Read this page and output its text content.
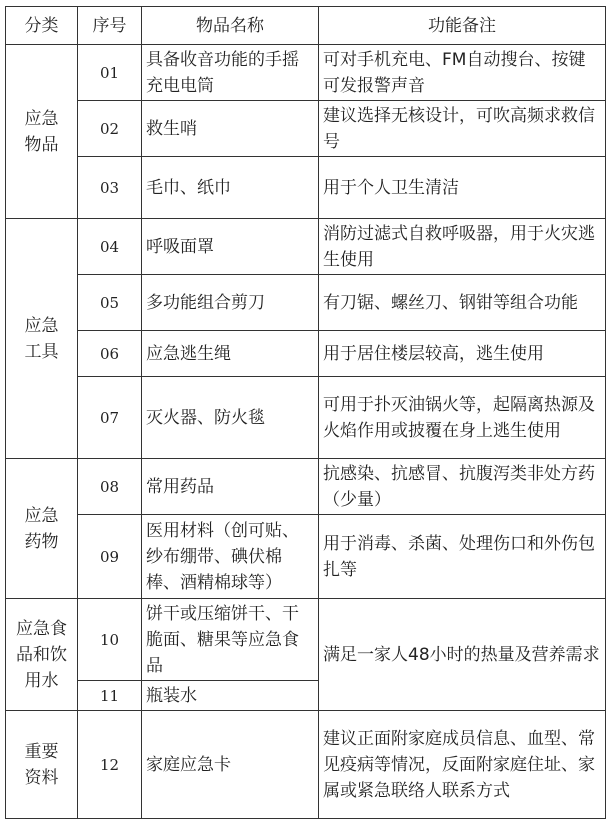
分类	序号	物品名称	功能备注
应急物品	01	具备收音功能的手摇充电电筒	可对手机充电、FM自动搜台、按键可发报警声音
	02	救生哨	建议选择无核设计，可吹高频求救信号
	03	毛巾、纸巾	用于个人卫生清洁
应急工具	04	呼吸面罩	消防过滤式自救呼吸器，用于火灾逃生使用
	05	多功能组合剪刀	有刀锯、螺丝刀、钢钳等组合功能
	06	应急逃生绳	用于居住楼层较高，逃生使用
	07	灭火器、防火毯	可用于扑灭油锅火等，起隔离热源及火焰作用或披覆在身上逃生使用
应急药物	08	常用药品	抗感染、抗感冒、抗腹泻类非处方药（少量）
	09	医用材料（创可贴、纱布绷带、碘伏棉棒、酒精棉球等）	用于消毒、杀菌、处理伤口和外伤包扎等
应急食品和饮用水	10	饼干或压缩饼干、干脆面、糖果等应急食品	满足一家人48小时的热量及营养需求
	11	瓶装水	
重要资料	12	家庭应急卡	建议正面附家庭成员信息、血型、常见疫病等情况，反面附家庭住址、家属或紧急联络人联系方式
